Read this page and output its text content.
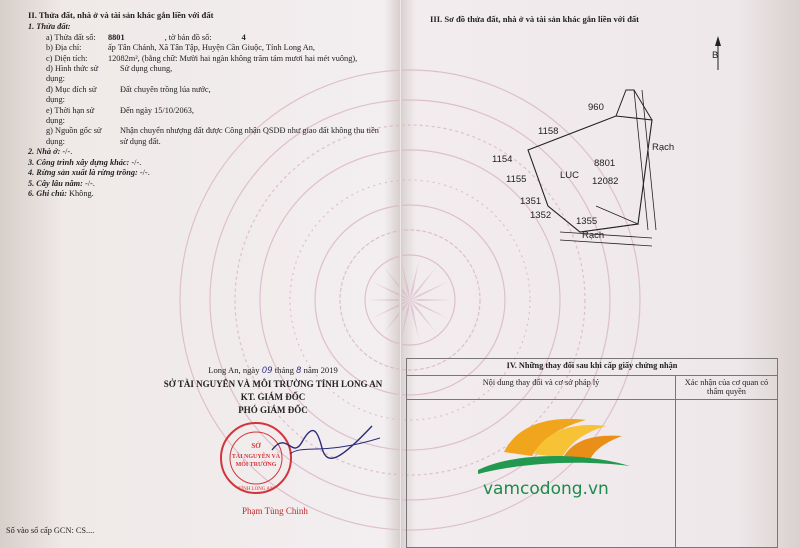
II. Thửa đất, nhà ở và tài sản khác gắn liền với đất
1. Thửa đất:
a) Thửa đất số:	8801	, tờ bản đồ số:	4
b) Địa chỉ:	ấp Tân Chánh, Xã Tân Tập, Huyện Cần Giuộc, Tỉnh Long An,
c) Diện tích:	12082m², (bằng chữ: Mười hai ngàn không trăm tám mươi hai mét vuông),
d) Hình thức sử dụng:
Sử dụng chung,
đ) Mục đích sử dụng:
Đất chuyên trồng lúa nước,
e) Thời hạn sử dụng:
Đến ngày 15/10/2063,
g) Nguồn gốc sử dụng:
Nhận chuyển nhượng đất được Công nhận QSDĐ như giao đất không thu tiền sử dụng đất.
2. Nhà ở:
-/-.
3. Công trình xây dựng khác:
-/-.
4. Rừng sản xuất là rừng trồng:
-/-.
5. Cây lâu năm:
-/-.
6. Ghi chú:
Không.
Long An, ngày 09 tháng 8 năm 2019
SỞ TÀI NGUYÊN VÀ MÔI TRƯỜNG TỈNH LONG AN
KT. GIÁM ĐỐC
PHÓ GIÁM ĐỐC
SỞ
TÀI NGUYÊN VÀ
MÔI TRƯỜNG
TỈNH LONG AN
Phạm Tùng Chinh
Số vào sổ cấp GCN: CS....
III. Sơ đồ thửa đất, nhà ở và tài sản khác gắn liền với đất
B
960
1158
1154
1155	LUC
8801
12082
Rạch
1351
1352
1355
Rạch
IV. Những thay đổi sau khi cấp giấy chứng nhận	
Nội dung thay đổi và cơ sở pháp lý	Xác nhận của cơ quan có thẩm quyền

vamcodong.vn
